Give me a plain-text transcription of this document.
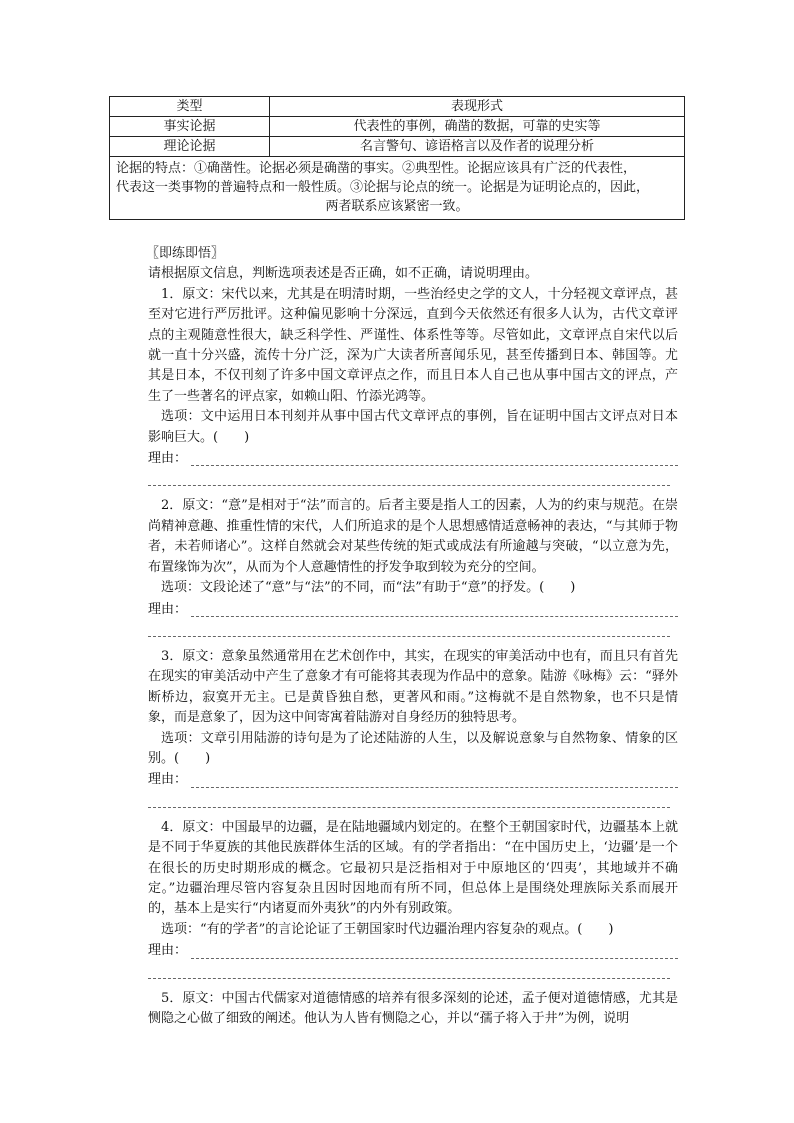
类型	表现形式
事实论据	代表性的事例，确凿的数据，可靠的史实等
理论论据	名言警句、谚语格言以及作者的说理分析
论据的特点：①确凿性。论据必须是确凿的事实。②典型性。论据应该具有广泛的代表性，
代表这一类事物的普遍特点和一般性质。③论据与论点的统一。论据是为证明论点的，因此，

两者联系应该紧密一致。	

〖即练即悟〗

请根据原文信息，判断选项表述是否正确，如不正确，请说明理由。

1．原文：宋代以来，尤其是在明清时期，一些治经史之学的文人，十分轻视文章评点，甚至对它进行严厉批评。这种偏见影响十分深远，直到今天依然还有很多人认为，古代文章评点的主观随意性很大，缺乏科学性、严谨性、体系性等等。尽管如此，文章评点自宋代以后就一直十分兴盛，流传十分广泛，深为广大读者所喜闻乐见，甚至传播到日本、韩国等。尤其是日本，不仅刊刻了许多中国文章评点之作，而且日本人自己也从事中国古文的评点，产生了一些著名的评点家，如赖山阳、竹添光鸿等。

选项：文中运用日本刊刻并从事中国古代文章评点的事例，旨在证明中国古文评点对日本影响巨大。(　　)

理由：

2．原文：“意”是相对于“法”而言的。后者主要是指人工的因素，人为的约束与规范。在崇尚精神意趣、推重性情的宋代，人们所追求的是个人思想感情适意畅神的表达，“与其师于物者，未若师诸心”。这样自然就会对某些传统的矩式或成法有所逾越与突破，“以立意为先，布置缘饰为次”，从而为个人意趣情性的抒发争取到较为充分的空间。

选项：文段论述了“意”与“法”的不同，而“法”有助于“意”的抒发。(　　)

理由：

3．原文：意象虽然通常用在艺术创作中，其实，在现实的审美活动中也有，而且只有首先在现实的审美活动中产生了意象才有可能将其表现为作品中的意象。陆游《咏梅》云：“驿外断桥边，寂寞开无主。已是黄昏独自愁，更著风和雨。”这梅就不是自然物象，也不只是情象，而是意象了，因为这中间寄寓着陆游对自身经历的独特思考。

选项：文章引用陆游的诗句是为了论述陆游的人生，以及解说意象与自然物象、情象的区别。(　　)

理由：

4．原文：中国最早的边疆，是在陆地疆域内划定的。在整个王朝国家时代，边疆基本上就是不同于华夏族的其他民族群体生活的区域。有的学者指出：“在中国历史上，‘边疆’是一个在很长的历史时期形成的概念。它最初只是泛指相对于中原地区的‘四夷’，其地域并不确定。”边疆治理尽管内容复杂且因时因地而有所不同，但总体上是围绕处理族际关系而展开的，基本上是实行“内诸夏而外夷狄”的内外有别政策。

选项：“有的学者”的言论论证了王朝国家时代边疆治理内容复杂的观点。(　　)

理由：

5．原文：中国古代儒家对道德情感的培养有很多深刻的论述，孟子便对道德情感，尤其是恻隐之心做了细致的阐述。他认为人皆有恻隐之心，并以“孺子将入于井”为例，说明
